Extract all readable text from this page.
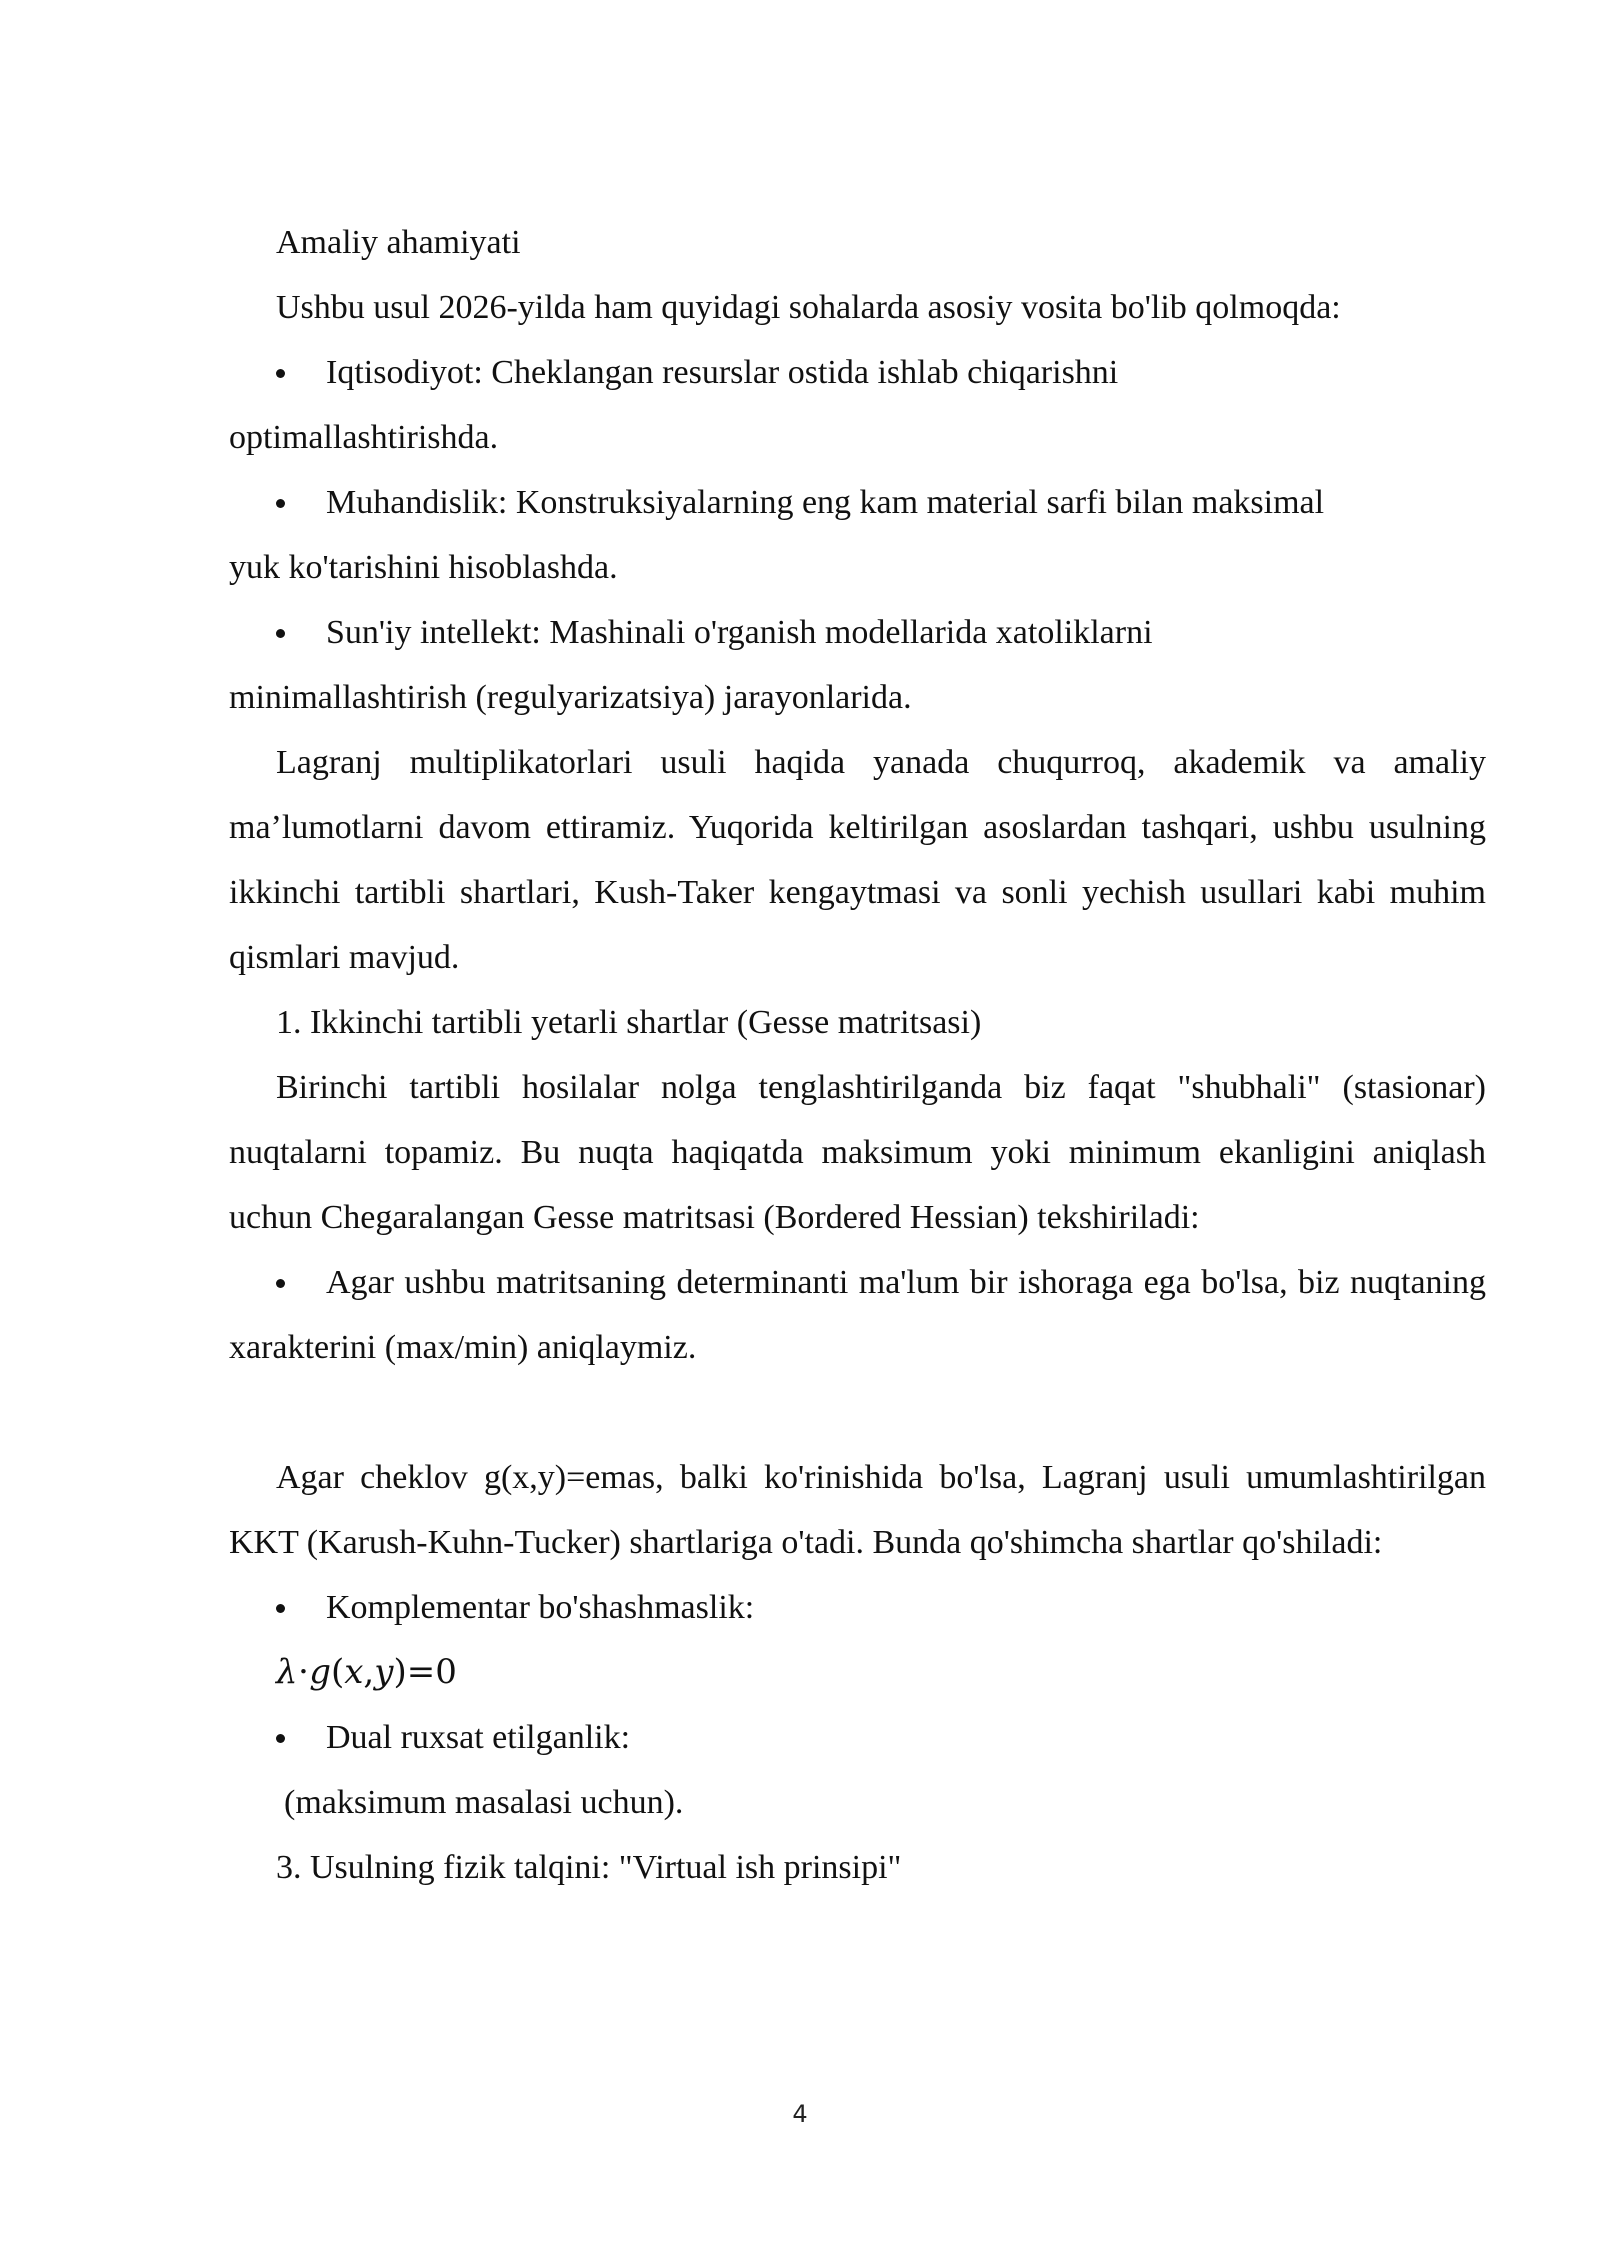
Amaliy ahamiyati

Ushbu usul 2026-yilda ham quyidagi sohalarda asosiy vosita bo'lib qolmoqda:

Iqtisodiyot: Cheklangan resurslar ostida ishlab chiqarishni

optimallashtirishda.

Muhandislik: Konstruksiyalarning eng kam material sarfi bilan maksimal

yuk ko'tarishini hisoblashda.

Sun'iy intellekt: Mashinali o'rganish modellarida xatoliklarni

minimallashtirish (regulyarizatsiya) jarayonlarida.

Lagranj multiplikatorlari usuli haqida yanada chuqurroq, akademik va amaliy ma’lumotlarni davom ettiramiz. Yuqorida keltirilgan asoslardan tashqari, ushbu usulning ikkinchi tartibli shartlari, Kush-Taker kengaytmasi va sonli yechish usullari kabi muhim qismlari mavjud.

1. Ikkinchi tartibli yetarli shartlar (Gesse matritsasi)

Birinchi tartibli hosilalar nolga tenglashtirilganda biz faqat "shubhali" (stasionar) nuqtalarni topamiz. Bu nuqta haqiqatda maksimum yoki minimum ekanligini aniqlash uchun Chegaralangan Gesse matritsasi (Bordered Hessian) tekshiriladi:

Agar ushbu matritsaning determinanti ma'lum bir ishoraga ega bo'lsa, biz nuqtaning xarakterini (max/min) aniqlaymiz.

Agar cheklov g(x,y)=emas, balki ko'rinishida bo'lsa, Lagranj usuli umumlashtirilgan KKT (Karush-Kuhn-Tucker) shartlariga o'tadi. Bunda qo'shimcha shartlar qo'shiladi:

Komplementar bo'shashmaslik:

λ⋅g(x,y)=0

Dual ruxsat etilganlik:

(maksimum masalasi uchun).

3. Usulning fizik talqini: "Virtual ish prinsipi"

4
